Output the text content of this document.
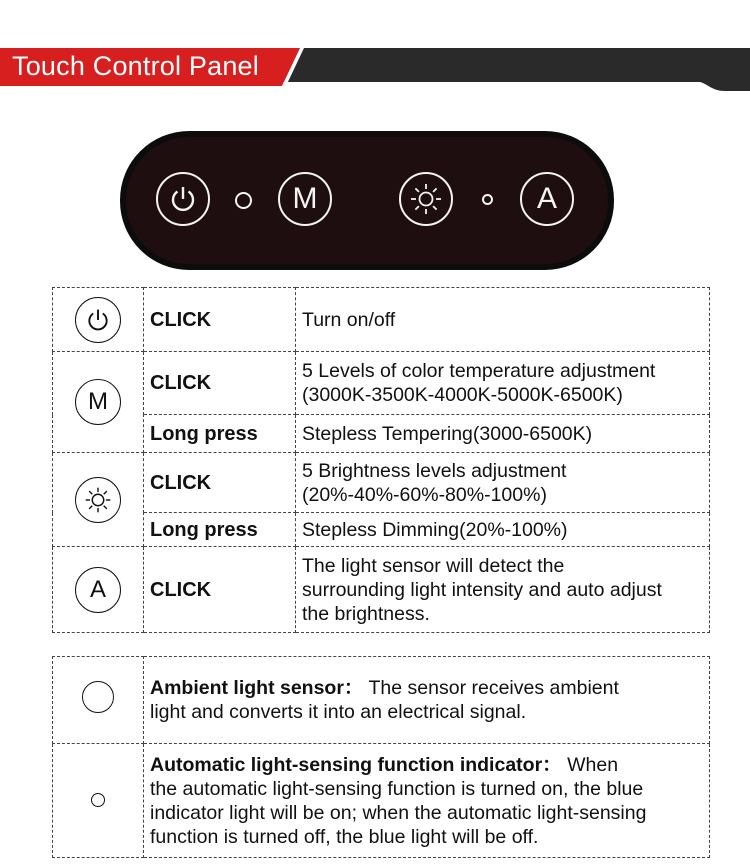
Touch Control Panel
M	A
	CLICK	Turn on/off

M	CLICK	5 Levels of color temperature adjustment
(3000K-3500K-4000K-5000K-6500K)

	Long press	Stepless Tempering(3000-6500K)

	CLICK	5 Brightness levels adjustment
(20%-40%-60%-80%-100%)

	Long press	Stepless Dimming(20%-100%)

A	CLICK	The light sensor will detect the
surrounding light intensity and auto adjust
the brightness.

	Ambient light sensor： The sensor receives ambient
light and converts it into an electrical signal.

	Automatic light-sensing function indicator： When
the automatic light-sensing function is turned on, the blue
indicator light will be on; when the automatic light-sensing
function is turned off, the blue light will be off.
